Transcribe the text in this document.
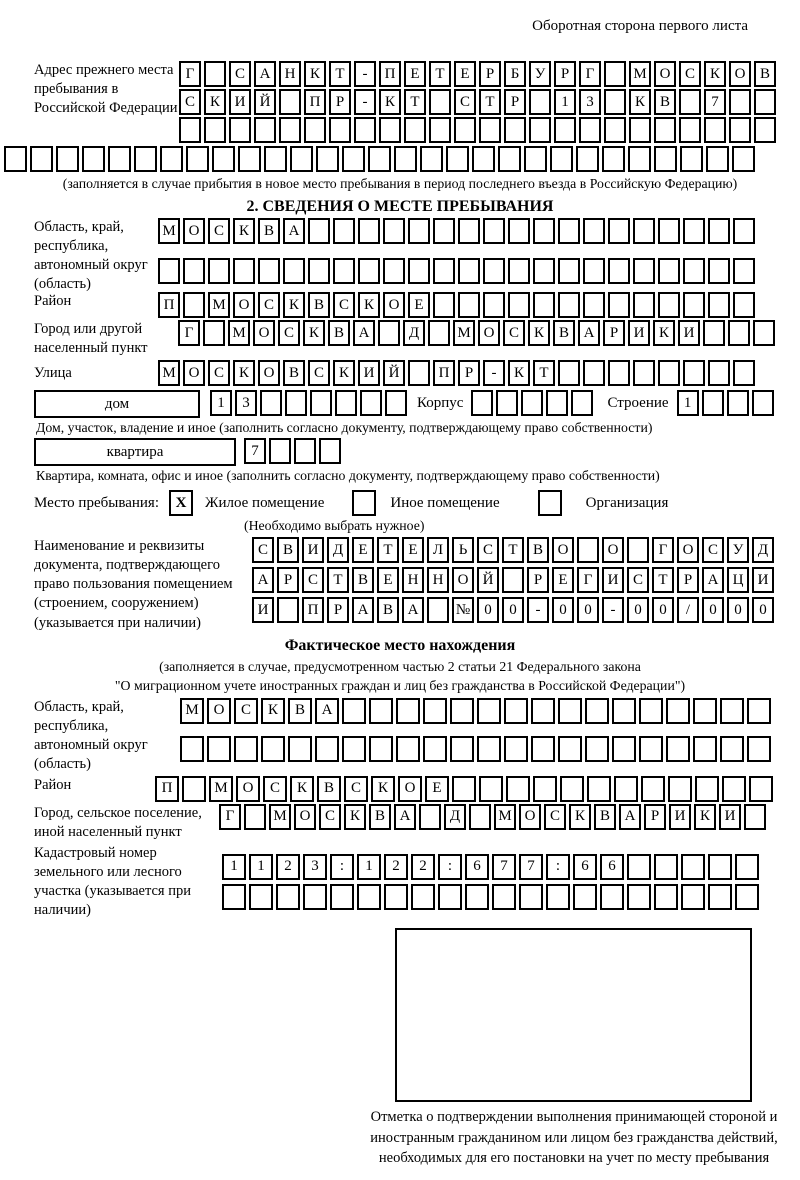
Оборотная сторона первого листа
Адрес прежнего места пребывания в Российской Федерации
Г	С А Н К	Т	-	П Е	Т	Е	Р	Б	У	Р	Г	М О С К О В
С К И Й	П	Р	-	К	Т	С	Т	Р	1	3	К В	7
(заполняется в случае прибытия в новое место пребывания в период последнего въезда в Российскую Федерацию)
2. СВЕДЕНИЯ О МЕСТЕ ПРЕБЫВАНИЯ
Область, край, республика, автономный округ (область)
М О С К В А
Район	П	М О С К В С К О Е
Город или другой населенный пункт
Г	М О С К В А	Д	М О С К В А	Р	И К И
Улица	М О С К О В С К И Й	П	Р	-	К	Т
дом	1	3	Корпус	Строение	1
Дом, участок, владение и иное (заполнить согласно документу, подтверждающему право собственности)
квартира	7
Квартира, комната, офис и иное (заполнить согласно документу, подтверждающему право собственности)
Место пребывания:	X	Жилое помещение	Иное помещение	Организация
(Необходимо выбрать нужное)
Наименование и реквизиты документа, подтверждающего право пользования помещением (строением, сооружением) (указывается при наличии)
С В И Д	Е	Т	Е	Л	Ь	С	Т	В О	О	Г	О С У Д
А	Р	С	Т	В	Е	Н Н О Й	Р	Е	Г	И С	Т	Р	А Ц И
И	П	Р	А В А	№ 0	0	-	0	0	-	0	0	/	0	0	0
Фактическое место нахождения
(заполняется в случае, предусмотренном частью 2 статьи 21 Федерального закона
"О миграционном учете иностранных граждан и лиц без гражданства в Российской Федерации")
Область, край, республика, автономный округ (область)
М О	С	К	В	А
Район	П	М О	С	К	В	С	К	О	Е
Город, сельское поселение, иной населенный пункт
Г	М О С К В А	Д	М О С К В А	Р	И К И
Кадастровый номер земельного или лесного участка (указывается при наличии)
1	1	2	3	:	1	2	2	:	6	7	7	:	6	6
Отметка о подтверждении выполнения принимающей стороной и иностранным гражданином или лицом без гражданства действий, необходимых для его постановки на учет по месту пребывания
